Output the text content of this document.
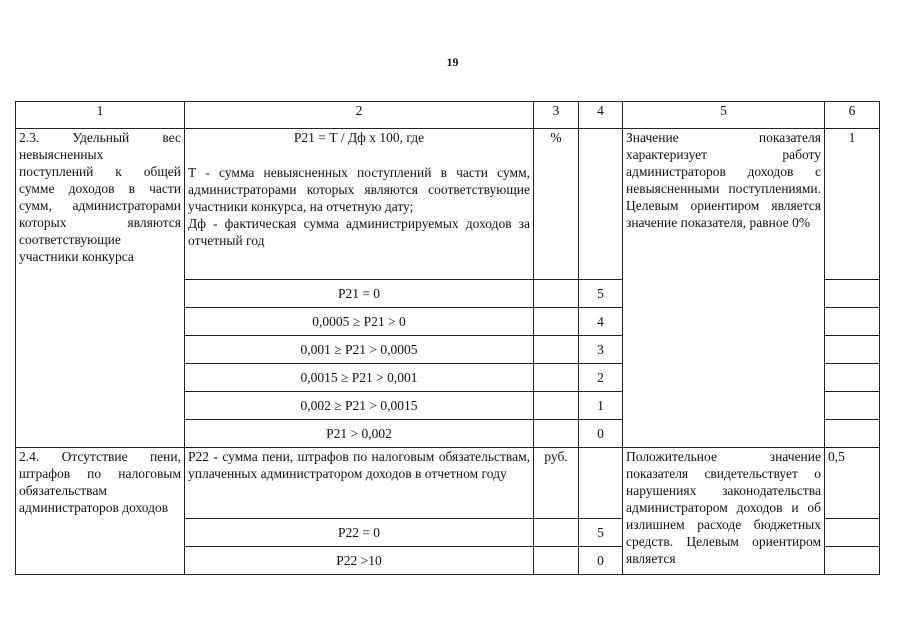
19
1	2	3	4	5	6
2.3. Удельный вес невыясненных поступлений к общей сумме доходов в части сумм, администраторами которых являются соответствующие участники конкурса	Р21 = Т / Дф х 100, где
Т - сумма невыясненных поступлений в части сумм, администраторами которых являются соответствующие участники конкурса, на отчетную дату;
Дф - фактическая сумма администрируемых доходов за отчетный год	%		Значение показателя характеризует работу администраторов доходов с невыясненными поступлениями. Целевым ориентиром является значение показателя, равное 0%	1
	Р21 = 0		5		
	0,0005 ≥ Р21 > 0		4		
	0,001 ≥ Р21 > 0,0005		3		
	0,0015 ≥ Р21 > 0,001		2		
	0,002 ≥ Р21 > 0,0015		1		
	Р21 > 0,002		0		
2.4. Отсутствие пени, штрафов по налоговым обязательствам администраторов доходов	Р22 - сумма пени, штрафов по налоговым обязательствам, уплаченных администратором доходов в отчетном году	руб.		Положительное значение показателя свидетельствует о нарушениях законодательства администратором доходов и об излишнем расходе бюджетных средств. Целевым ориентиром является	0,5
	Р22 = 0		5		
	Р22 >10		0		
